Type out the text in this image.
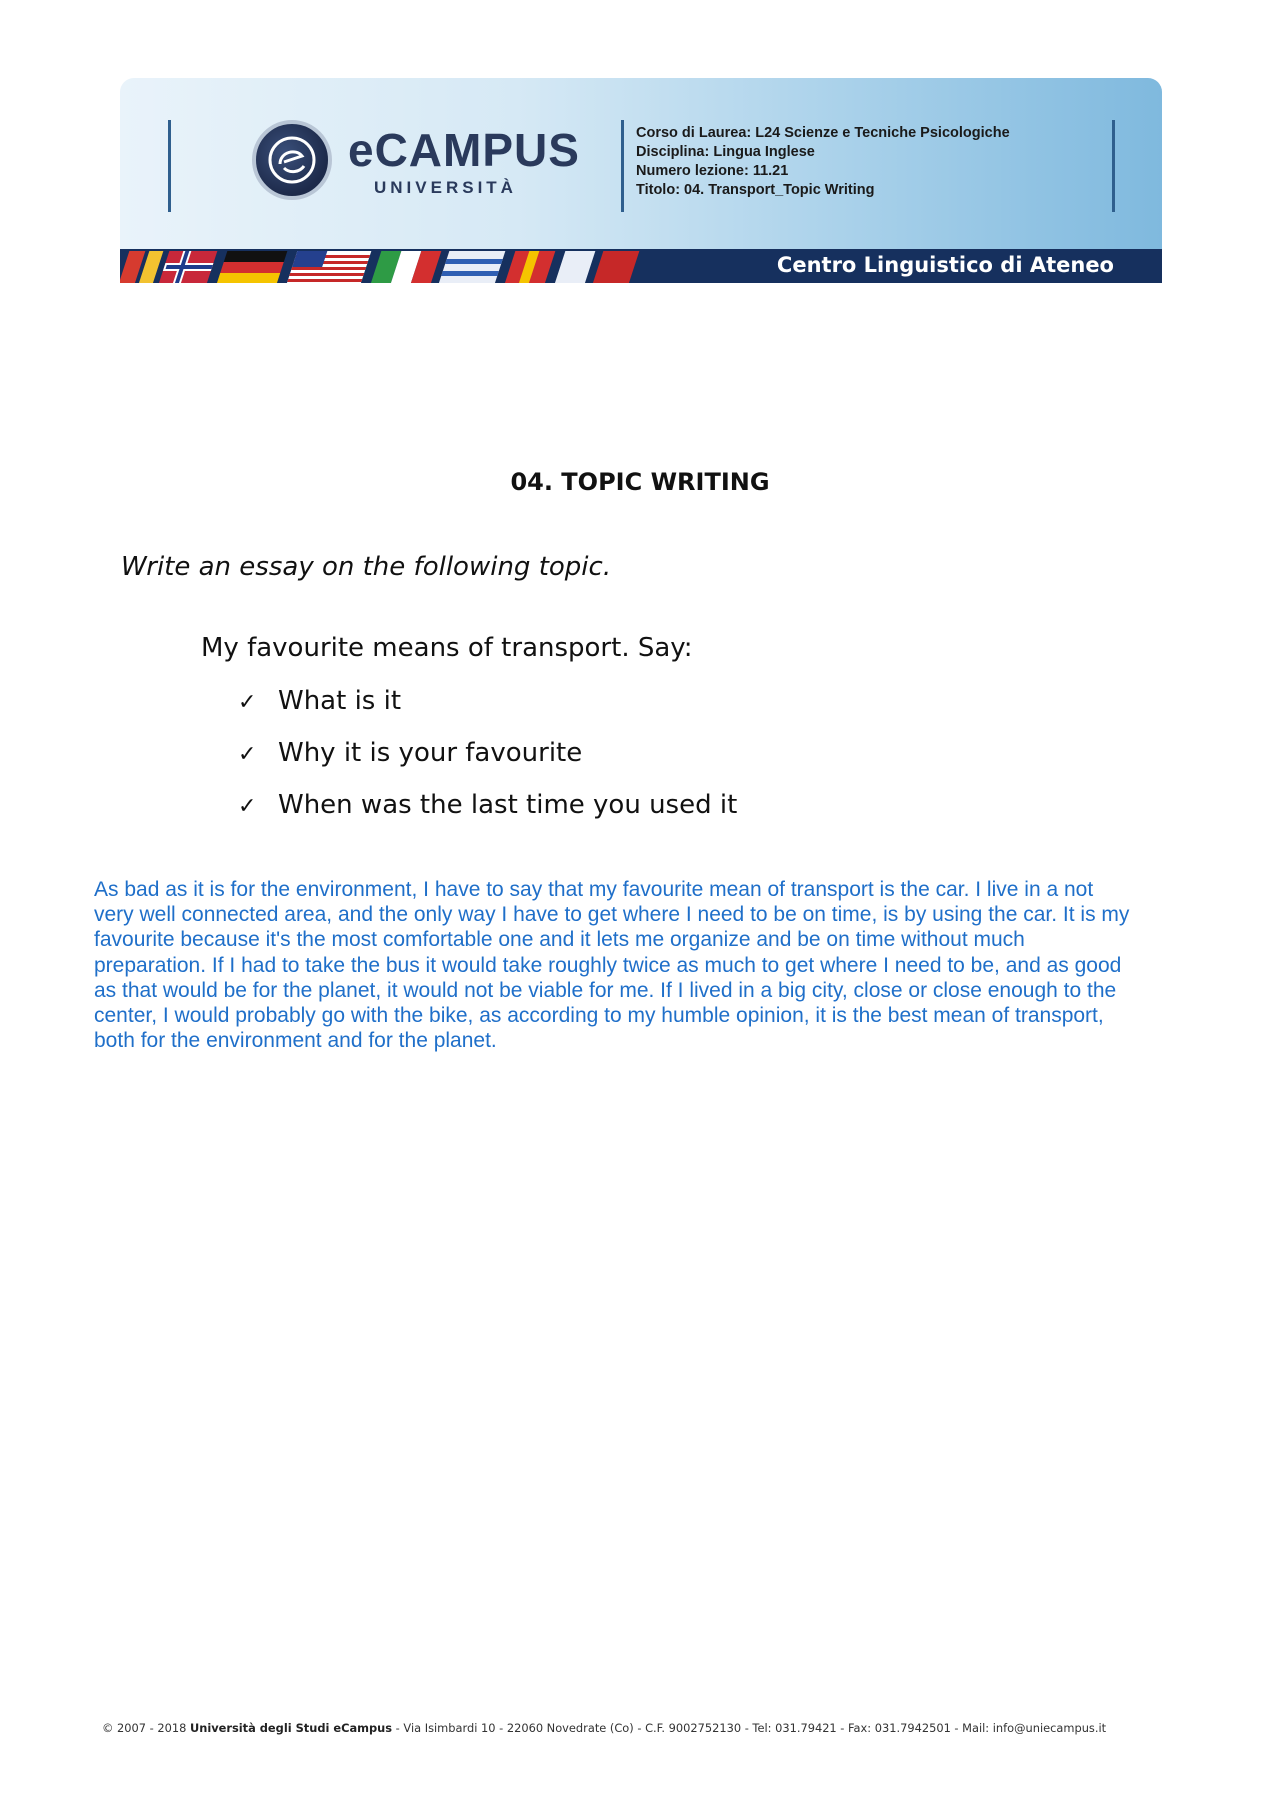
eCAMPUS
UNIVERSITÀ
Corso di Laurea: L24 Scienze e Tecniche Psicologiche
Disciplina: Lingua Inglese
Numero lezione: 11.21
Titolo: 04. Transport_Topic Writing
Centro Linguistico di Ateneo
04. TOPIC WRITING
Write an essay on the following topic.
My favourite means of transport. Say:
✓ What is it
✓ Why it is your favourite
✓ When was the last time you used it
As bad as it is for the environment, I have to say that my favourite mean of transport is the car. I live in a not
very well connected area, and the only way I have to get where I need to be on time, is by using the car. It is my
favourite because it's the most comfortable one and it lets me organize and be on time without much
preparation. If I had to take the bus it would take roughly twice as much to get where I need to be, and as good
as that would be for the planet, it would not be viable for me. If I lived in a big city, close or close enough to the
center, I would probably go with the bike, as according to my humble opinion, it is the best mean of transport,
both for the environment and for the planet.
© 2007 - 2018 Università degli Studi eCampus - Via Isimbardi 10 - 22060 Novedrate (Co) - C.F. 9002752130 - Tel: 031.79421 - Fax: 031.7942501 - Mail: info@uniecampus.it
